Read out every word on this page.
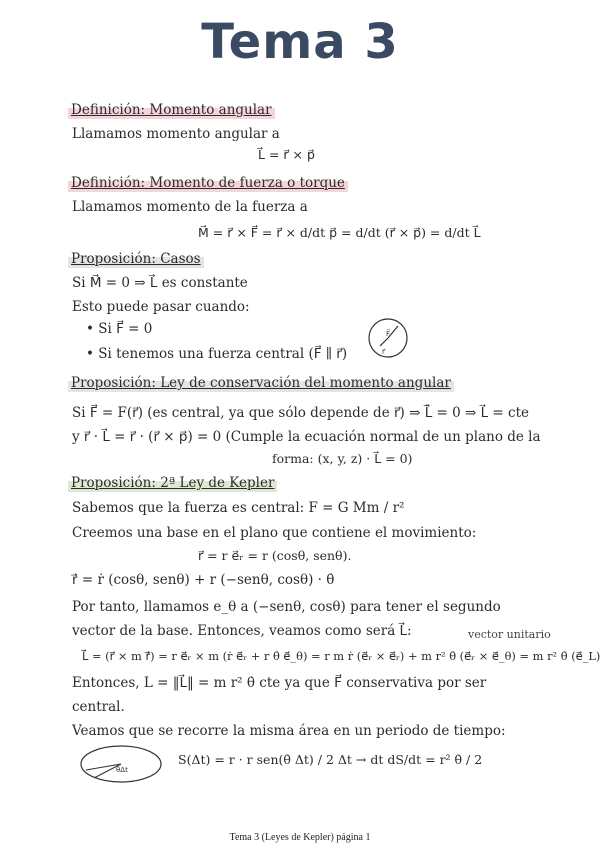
Tema 3
Definición: Momento angular
Llamamos momento angular a
L⃗ = r⃗ × p⃗
Definición: Momento de fuerza o torque
Llamamos momento de la fuerza a
M⃗ = r⃗ × F⃗ = r⃗ × d/dt p⃗ = d/dt (r⃗ × p⃗) = d/dt L⃗
Proposición: Casos
Si M⃗ = 0 ⇒ L⃗ es constante
Esto puede pasar cuando:
• Si F⃗ = 0
• Si tenemos una fuerza central (F⃗ ∥ r⃗)
F⃗
r⃗
Proposición: Ley de conservación del momento angular
Si F⃗ = F(r⃗) (es central, ya que sólo depende de r⃗) ⇒ L̇⃗ = 0 ⇒ L⃗ = cte
y r⃗ · L⃗ = r⃗ · (r⃗ × p⃗) = 0 (Cumple la ecuación normal de un plano de la
forma: (x, y, z) · L⃗ = 0)
Proposición: 2ª Ley de Kepler
Sabemos que la fuerza es central: F = G Mm / r²
Creemos una base en el plano que contiene el movimiento:
r⃗ = r e⃗ᵣ = r (cosθ, senθ).
ṙ⃗ = ṙ (cosθ, senθ) + r (−senθ, cosθ) · θ̇
Por tanto, llamamos e_θ a (−senθ, cosθ) para tener el segundo
vector de la base. Entonces, veamos como será L⃗:	vector unitario
L⃗ = (r⃗ × m ṙ⃗) = r e⃗ᵣ × m (ṙ e⃗ᵣ + r θ̇ e⃗_θ) = r m ṙ (e⃗ᵣ × e⃗ᵣ) + m r² θ̇ (e⃗ᵣ × e⃗_θ) = m r² θ̇ (e⃗_L)
Entonces, L = ‖L⃗‖ = m r² θ̇ cte ya que F⃗ conservativa por ser
central.
Veamos que se recorre la misma área en un periodo de tiempo:
θ̇Δt
S(Δt) = r · r sen(θ̇ Δt) / 2 Δt → dt dS/dt = r² θ̇ / 2
Tema 3 (Leyes de Kepler) página 1
